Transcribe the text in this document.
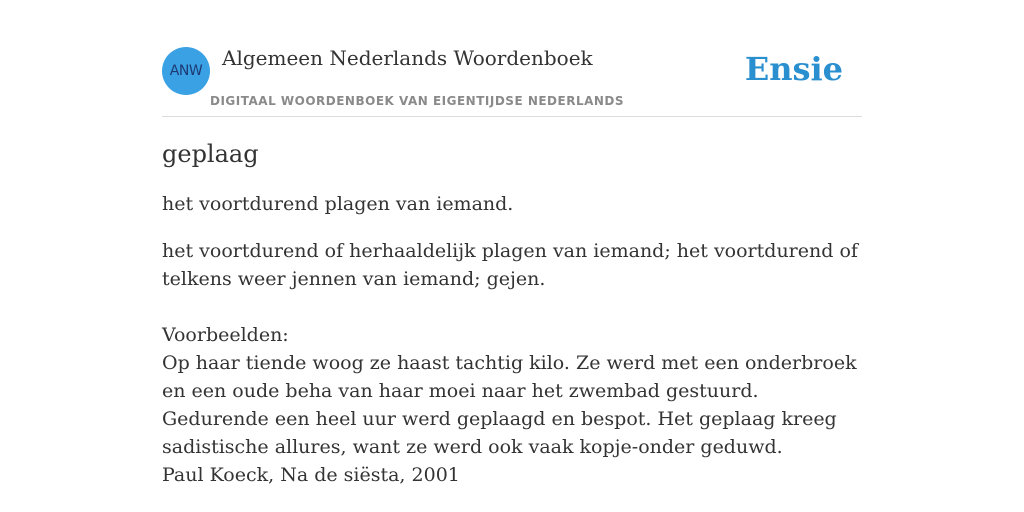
ANW
Algemeen Nederlands Woordenboek
DIGITAAL WOORDENBOEK VAN EIGENTIJDSE NEDERLANDS
Ensie
geplaag

het voortdurend plagen van iemand.

het voortdurend of herhaaldelijk plagen van iemand; het voortdurend of telkens weer jennen van iemand; gejen.

Voorbeelden:
Op haar tiende woog ze haast tachtig kilo. Ze werd met een onderbroek en een oude beha van haar moei naar het zwembad gestuurd. Gedurende een heel uur werd geplaagd en bespot. Het geplaag kreeg sadistische allures, want ze werd ook vaak kopje-onder geduwd.
Paul Koeck, Na de siësta, 2001
